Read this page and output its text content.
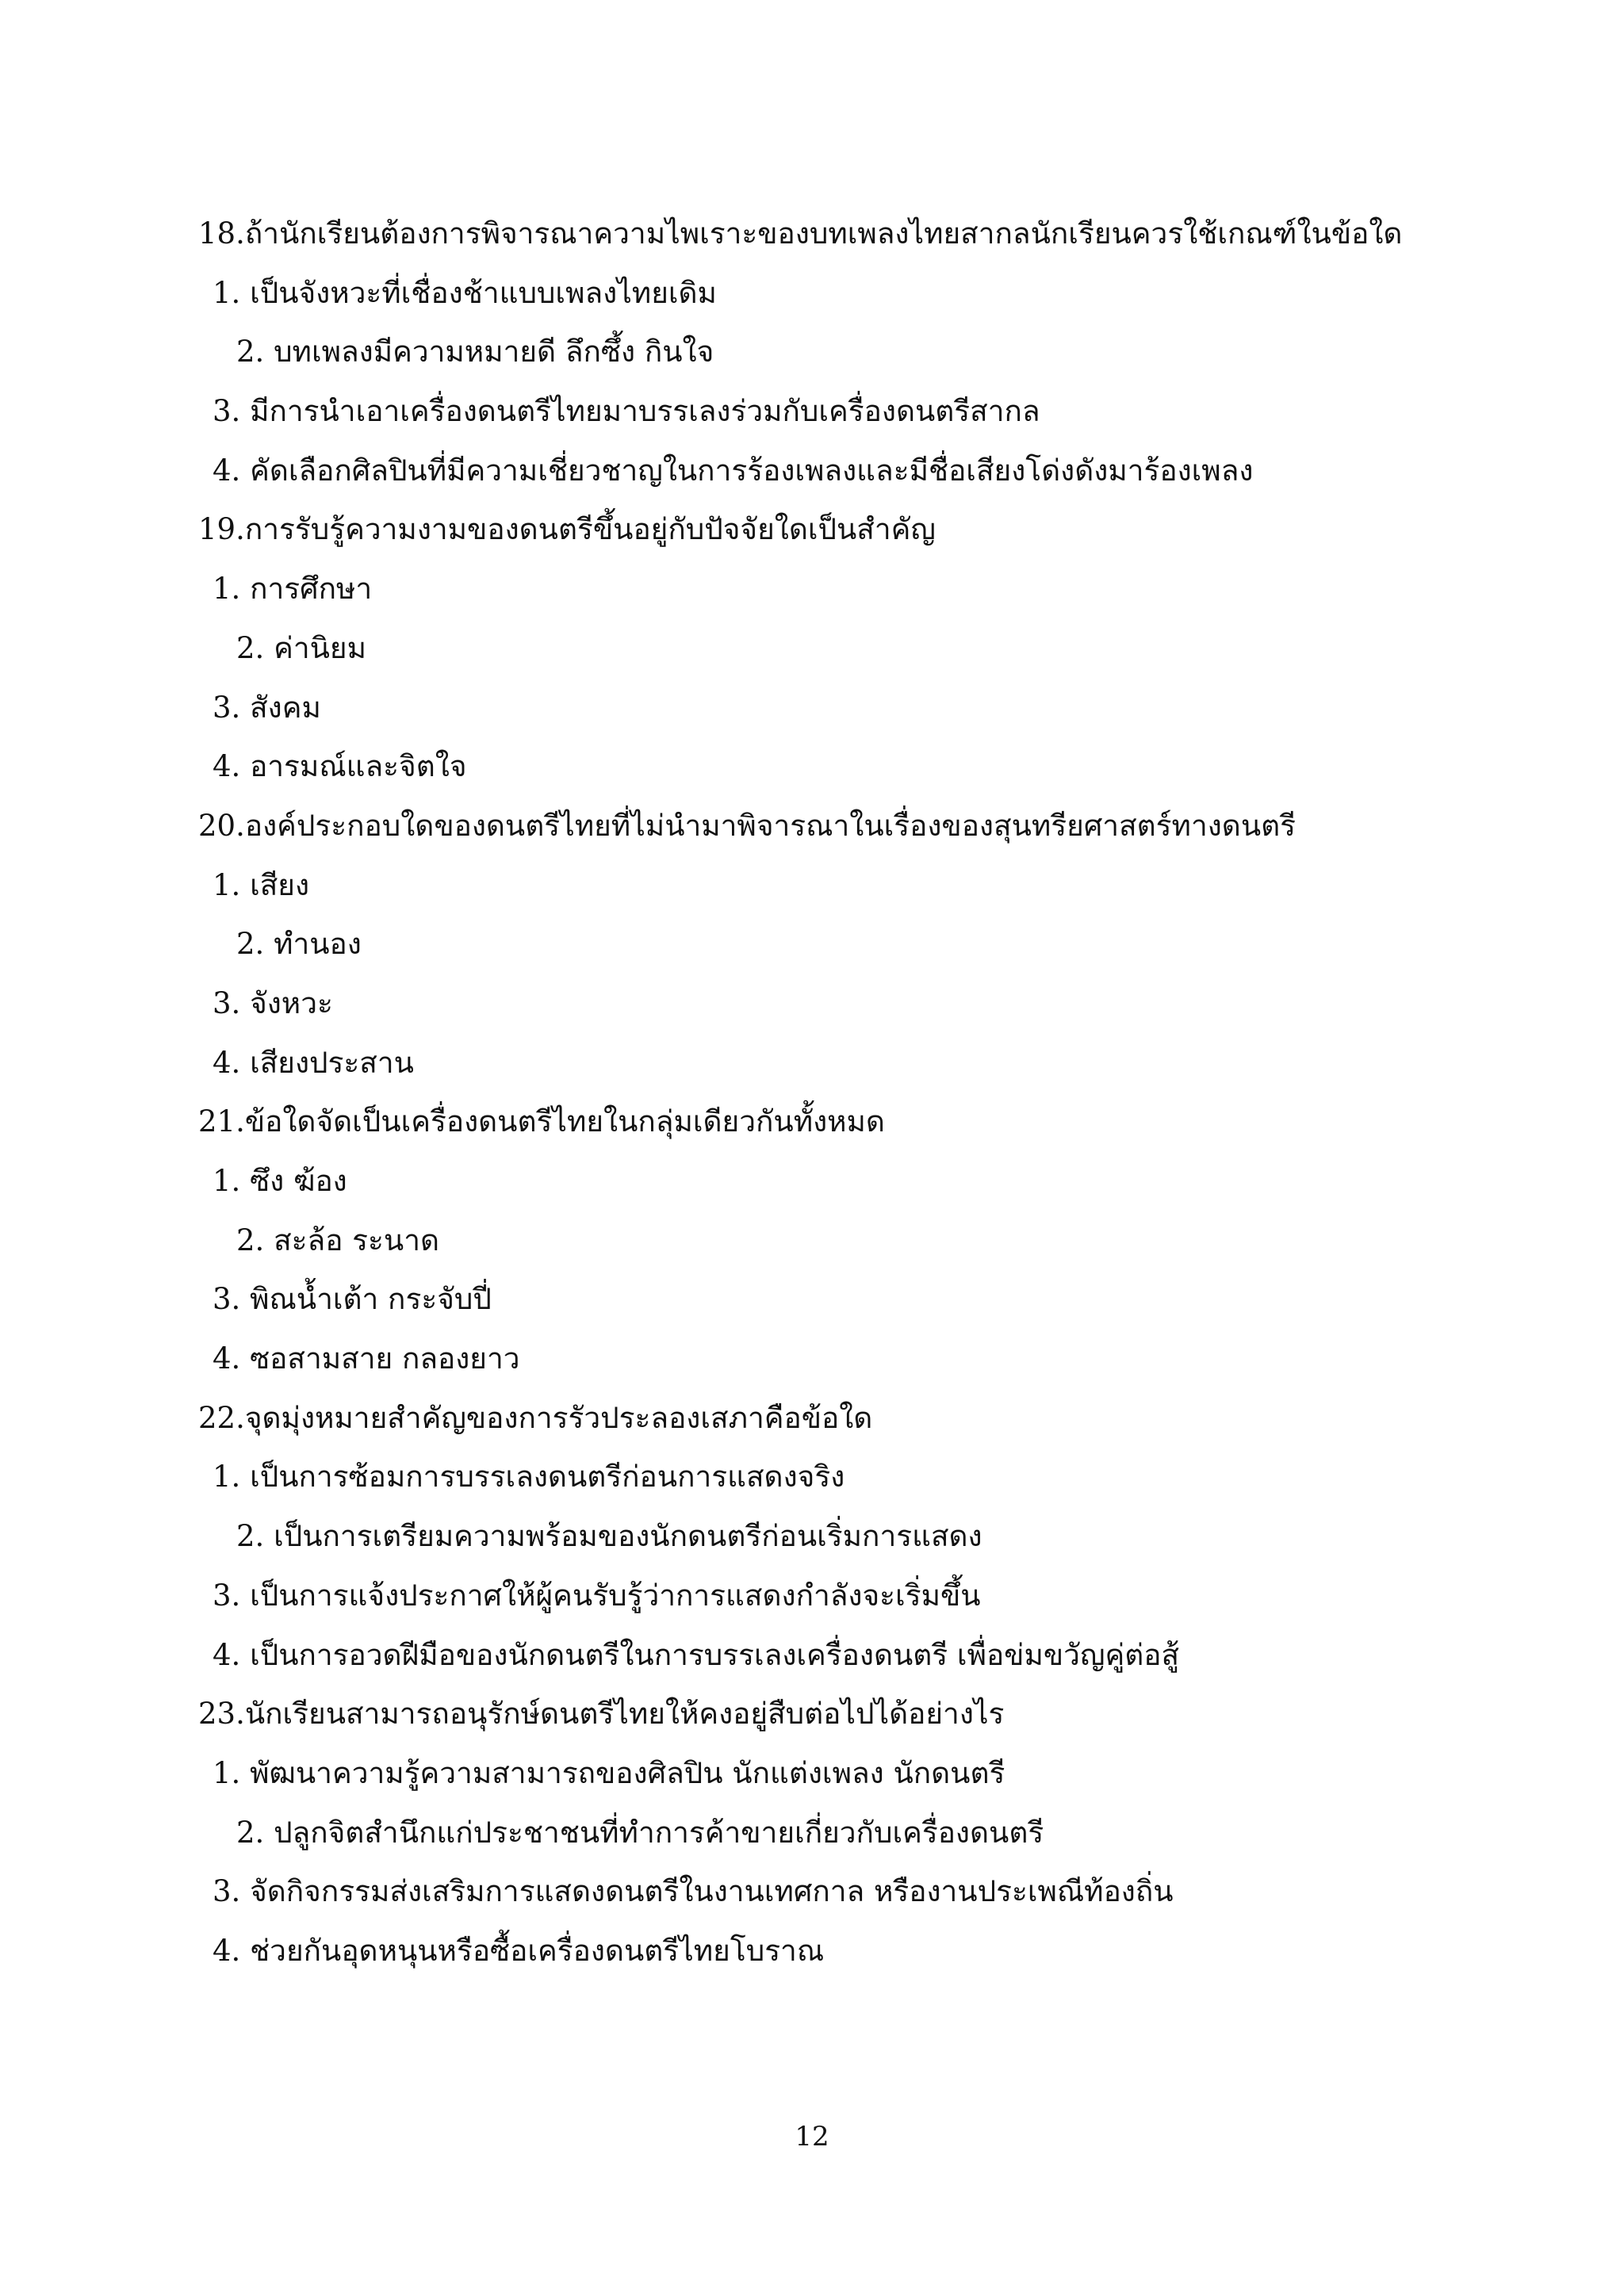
18.ถ้านักเรียนต้องการพิจารณาความไพเราะของบทเพลงไทยสากลนักเรียนควรใช้เกณฑ์ในข้อใด
1. เป็นจังหวะที่เชื่องช้าแบบเพลงไทยเดิม
2. บทเพลงมีความหมายดี ลึกซึ้ง กินใจ
3. มีการนำเอาเครื่องดนตรีไทยมาบรรเลงร่วมกับเครื่องดนตรีสากล
4. คัดเลือกศิลปินที่มีความเชี่ยวชาญในการร้องเพลงและมีชื่อเสียงโด่งดังมาร้องเพลง
19.การรับรู้ความงามของดนตรีขึ้นอยู่กับปัจจัยใดเป็นสำคัญ
1. การศึกษา
2. ค่านิยม
3. สังคม
4. อารมณ์และจิตใจ
20.องค์ประกอบใดของดนตรีไทยที่ไม่นำมาพิจารณาในเรื่องของสุนทรียศาสตร์ทางดนตรี
1. เสียง
2. ทำนอง
3. จังหวะ
4. เสียงประสาน
21.ข้อใดจัดเป็นเครื่องดนตรีไทยในกลุ่มเดียวกันทั้งหมด
1. ซึง ฆ้อง
2. สะล้อ ระนาด
3. พิณน้ำเต้า กระจับปี่
4. ซอสามสาย กลองยาว
22.จุดมุ่งหมายสำคัญของการรัวประลองเสภาคือข้อใด
1. เป็นการซ้อมการบรรเลงดนตรีก่อนการแสดงจริง
2. เป็นการเตรียมความพร้อมของนักดนตรีก่อนเริ่มการแสดง
3. เป็นการแจ้งประกาศให้ผู้คนรับรู้ว่าการแสดงกำลังจะเริ่มขึ้น
4. เป็นการอวดฝีมือของนักดนตรีในการบรรเลงเครื่องดนตรี เพื่อข่มขวัญคู่ต่อสู้
23.นักเรียนสามารถอนุรักษ์ดนตรีไทยให้คงอยู่สืบต่อไปได้อย่างไร
1. พัฒนาความรู้ความสามารถของศิลปิน นักแต่งเพลง นักดนตรี
2. ปลูกจิตสำนึกแก่ประชาชนที่ทำการค้าขายเกี่ยวกับเครื่องดนตรี
3. จัดกิจกรรมส่งเสริมการแสดงดนตรีในงานเทศกาล หรืองานประเพณีท้องถิ่น
4. ช่วยกันอุดหนุนหรือซื้อเครื่องดนตรีไทยโบราณ
12
